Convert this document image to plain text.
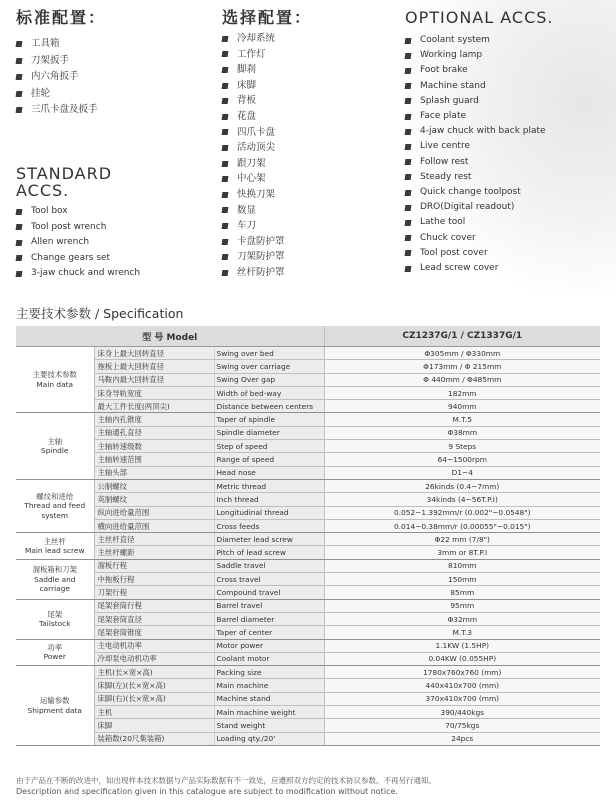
标准配置：
工具箱
刀架扳手
内六角扳手
挂轮
三爪卡盘及扳手
STANDARD
ACCS.
Tool box
Tool post wrench
Allen wrench
Change gears set
3-jaw chuck and wrench
选择配置：
冷却系统
工作灯
脚刹
床脚
背板
花盘
四爪卡盘
活动顶尖
跟刀架
中心架
快换刀架
数显
车刀
卡盘防护罩
刀架防护罩
丝杆防护罩
OPTIONAL ACCS.
Coolant system
Working lamp
Foot brake
Machine stand
Splash guard
Face plate
4-jaw chuck with back plate
Live centre
Follow rest
Steady rest
Quick change toolpost
DRO(Digital readout)
Lathe tool
Chuck cover
Tool post cover
Lead screw cover
主要技术参数 / Specification
型 号 Model			CZ1237G/1 / CZ1337G/1

主要技术参数
Main data	床身上最大回转直径	Swing over bed	Φ305mm / Φ330mm
	拖板上最大回转直径	Swing over carriage	Φ173mm / Φ 215mm
	马鞍内最大回转直径	Swing Over gap	Φ 440mm / Φ485mm
	床身导轨宽度	Width of bed-way	182mm
	最大工件长度(两顶尖)	Distance between centers	940mm

主轴
Spindle	主轴内孔锥度	Taper of spindle	M.T.5
	主轴通孔直径	Spindle diameter	Φ38mm
	主轴转速级数	Step of speed	9 Steps
	主轴转速范围	Range of speed	64~1500rpm
	主轴头部	Head nose	D1~4

螺纹和进给
Thread and feed system	公制螺纹	Metric thread	26kinds (0.4~7mm)
	英制螺纹	Inch thread	34kinds (4~56T.P.I)
	纵向进给量范围	Longitudinal thread	0.052~1.392mm/r (0.002"~0.0548")
	横向进给量范围	Cross feeds	0.014~0.38mm/r (0.00055"~0.015")

主丝杆
Main lead screw	主丝杆直径	Diameter lead screw	Φ22 mm (7/8")
	主丝杆螺距	Pitch of lead screw	3mm or 8T.P.I

溜板箱和刀架
Saddle and carriage	溜板行程	Saddle travel	810mm
	中拖板行程	Cross travel	150mm
	刀架行程	Compound travel	85mm

尾架
Tailstock	尾架套筒行程	Barrel travel	95mm
	尾架套筒直径	Barrel diameter	Φ32mm
	尾架套筒锥度	Taper of center	M.T.3

功率
Power	主电动机功率	Motor power	1.1KW (1.5HP)
	冷却泵电动机功率	Coolant motor	0.04KW (0.055HP)

运输参数
Shipment data	主机(长×宽×高)	Packing size	1780x760x760 (mm)
	床脚(左)(长×宽×高)	Main machine	440x410x700 (mm)
	床脚(右)(长×宽×高)	Machine stand	370x410x700 (mm)
	主机	Main machine weight	390/440kgs
	床脚	Stand weight	70/75kgs
	装箱数(20尺集装箱)	Loading qty./20'	24pcs
由于产品在不断的改进中，如出现样本技术数据与产品实际数据有不一致处，应遵照双方约定的技术协议参数。不再另行通知。
Description and specification given in this catalogue are subject to modification without notice.
